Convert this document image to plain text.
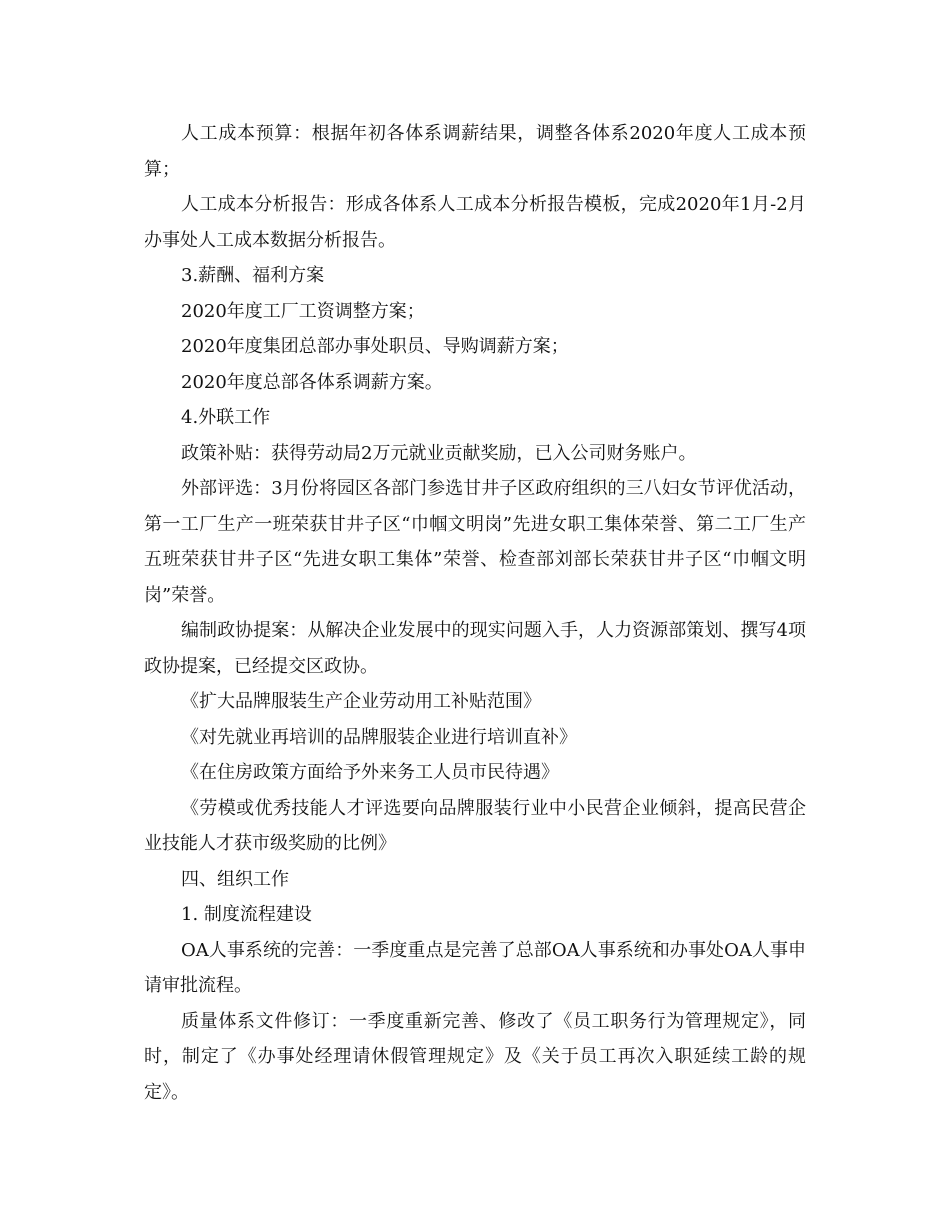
人工成本预算：根据年初各体系调薪结果，调整各体系2020年度人工成本预算；

人工成本分析报告：形成各体系人工成本分析报告模板，完成2020年1月-2月办事处人工成本数据分析报告。

3.薪酬、福利方案

2020年度工厂工资调整方案；

2020年度集团总部办事处职员、导购调薪方案；

2020年度总部各体系调薪方案。

4.外联工作

政策补贴：获得劳动局2万元就业贡献奖励，已入公司财务账户。

外部评选：3月份将园区各部门参选甘井子区政府组织的三八妇女节评优活动，第一工厂生产一班荣获甘井子区“巾帼文明岗”先进女职工集体荣誉、第二工厂生产五班荣获甘井子区“先进女职工集体”荣誉、检查部刘部长荣获甘井子区“巾帼文明岗”荣誉。

编制政协提案：从解决企业发展中的现实问题入手，人力资源部策划、撰写4项政协提案，已经提交区政协。

《扩大品牌服装生产企业劳动用工补贴范围》

《对先就业再培训的品牌服装企业进行培训直补》

《在住房政策方面给予外来务工人员市民待遇》

《劳模或优秀技能人才评选要向品牌服装行业中小民营企业倾斜，提高民营企业技能人才获市级奖励的比例》

四、组织工作

1. 制度流程建设

OA人事系统的完善：一季度重点是完善了总部OA人事系统和办事处OA人事申请审批流程。

质量体系文件修订：一季度重新完善、修改了《员工职务行为管理规定》，同时，制定了《办事处经理请休假管理规定》及《关于员工再次入职延续工龄的规定》。
